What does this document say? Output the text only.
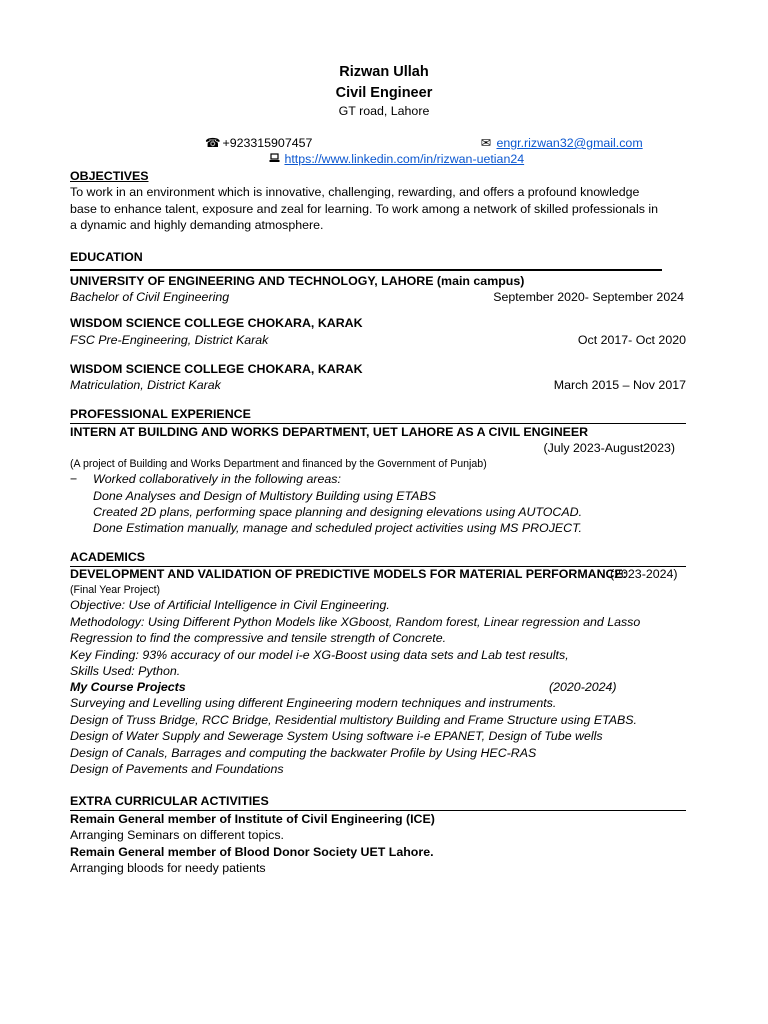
Rizwan Ullah
Civil Engineer
GT road, Lahore
☎ +923315907457	✉ engr.rizwan32@gmail.com
https://www.linkedin.com/in/rizwan-uetian24
OBJECTIVES
To work in an environment which is innovative, challenging, rewarding, and offers a profound knowledge
base to enhance talent, exposure and zeal for learning. To work among a network of skilled professionals in
a dynamic and highly demanding atmosphere.
EDUCATION
UNIVERSITY OF ENGINEERING AND TECHNOLOGY, LAHORE (main campus)
Bachelor of Civil Engineering	September 2020- September 2024
WISDOM SCIENCE COLLEGE CHOKARA, KARAK
FSC Pre-Engineering, District Karak	Oct 2017- Oct 2020
WISDOM SCIENCE COLLEGE CHOKARA, KARAK
Matriculation, District Karak	March 2015 – Nov 2017
PROFESSIONAL EXPERIENCE
INTERN AT BUILDING AND WORKS DEPARTMENT, UET LAHORE AS A CIVIL ENGINEER
(July 2023-August2023)
(A project of Building and Works Department and financed by the Government of Punjab)
− Worked collaboratively in the following areas:
Done Analyses and Design of Multistory Building using ETABS
Created 2D plans, performing space planning and designing elevations using AUTOCAD.
Done Estimation manually, manage and scheduled project activities using MS PROJECT.
ACADEMICS
DEVELOPMENT AND VALIDATION OF PREDICTIVE MODELS FOR MATERIAL PERFORMANCE:
(2023-2024)
(Final Year Project)
Objective: Use of Artificial Intelligence in Civil Engineering.
Methodology: Using Different Python Models like XGboost, Random forest, Linear regression and Lasso
Regression to find the compressive and tensile strength of Concrete.
Key Finding: 93% accuracy of our model i-e XG-Boost using data sets and Lab test results,
Skills Used: Python.
My Course Projects	(2020-2024)
Surveying and Levelling using different Engineering modern techniques and instruments.
Design of Truss Bridge, RCC Bridge, Residential multistory Building and Frame Structure using ETABS.
Design of Water Supply and Sewerage System Using software i-e EPANET, Design of Tube wells
Design of Canals, Barrages and computing the backwater Profile by Using HEC-RAS
Design of Pavements and Foundations
EXTRA CURRICULAR ACTIVITIES
Remain General member of Institute of Civil Engineering (ICE)
Arranging Seminars on different topics.
Remain General member of Blood Donor Society UET Lahore.
Arranging bloods for needy patients
